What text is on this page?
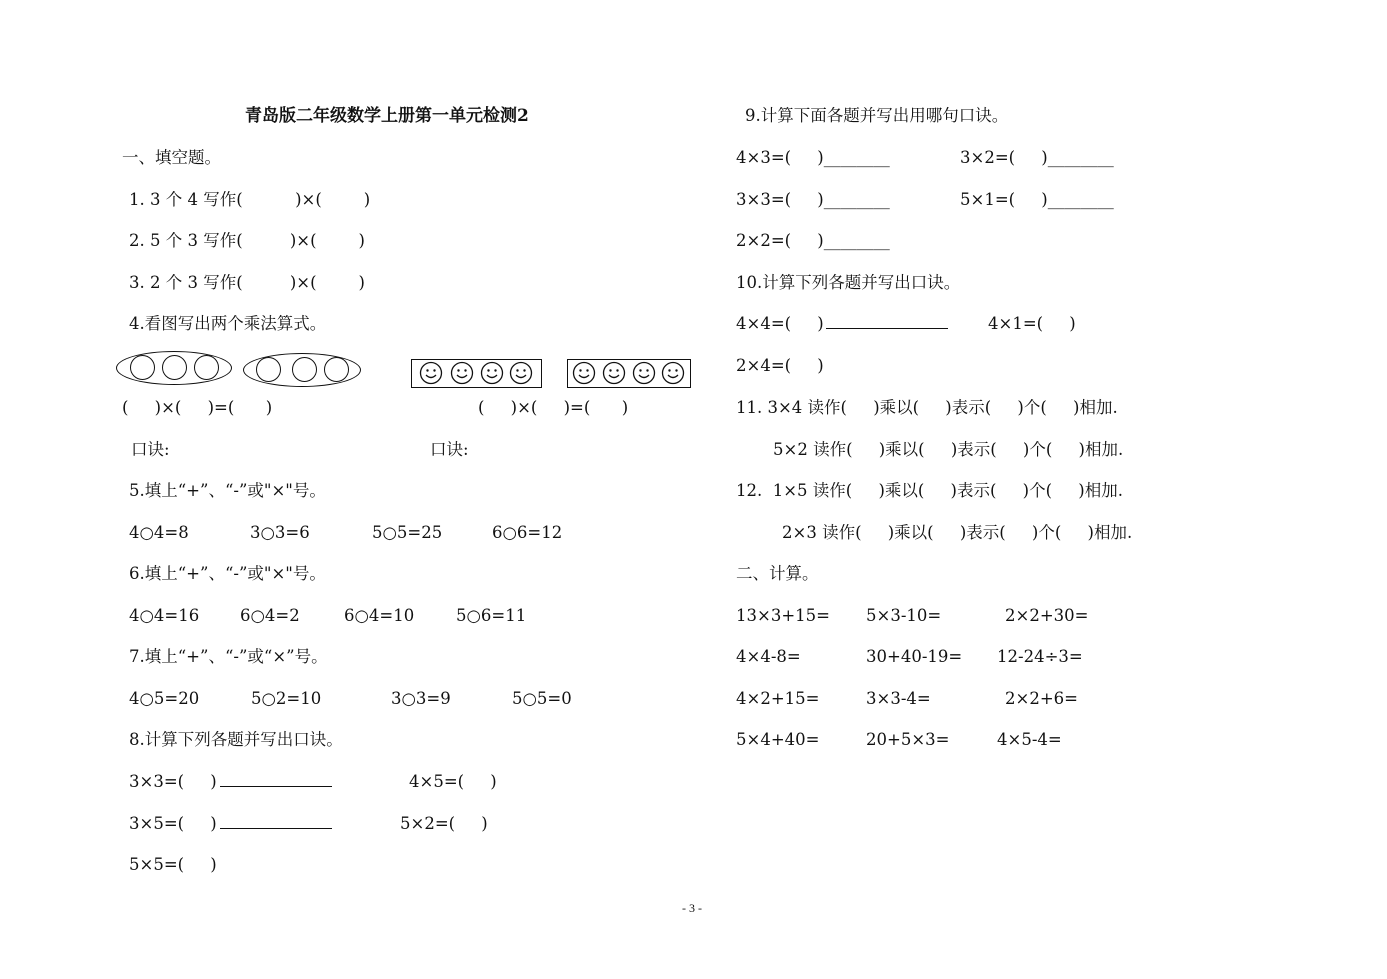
青岛版二年级数学上册第一单元检测2
一、填空题。
1. 3 个 4 写作(          )×(        )
2. 5 个 3 写作(         )×(        )
3. 2 个 3 写作(         )×(        )
4.看图写出两个乘法算式。
(     )×(     )=(      )	(     )×(     )=(      )
口诀:	口诀:
5.填上“+”、“-”或"×"号。
4○4=8	3○3=6	5○5=25	6○6=12
6.填上“+”、“-”或"×"号。
4○4=16 6○4=2	6○4=10	5○6=11
7.填上“+”、“-”或“×”号。
4○5=20	5○2=10	3○3=9	5○5=0
8.计算下列各题并写出口诀。
3×3=(     )	4×5=(     )
3×5=(     )	5×2=(     )
5×5=(     )
9.计算下面各题并写出用哪句口诀。
4×3=(     )________	3×2=(     )________
3×3=(     )________	5×1=(     )________
2×2=(     )________
10.计算下列各题并写出口诀。
4×4=(     )	4×1=(     )
2×4=(     )
11. 3×4 读作(     )乘以(     )表示(     )个(     )相加.
5×2 读作(     )乘以(     )表示(     )个(     )相加.
12.  1×5 读作(     )乘以(     )表示(     )个(     )相加.
2×3 读作(     )乘以(     )表示(     )个(     )相加.
二、计算。
13×3+15= 5×3-10=	2×2+30=
4×4-8=	30+40-19= 12-24÷3=
4×2+15=	3×3-4=	2×2+6=
5×4+40=	20+5×3=	4×5-4=
- 3 -
